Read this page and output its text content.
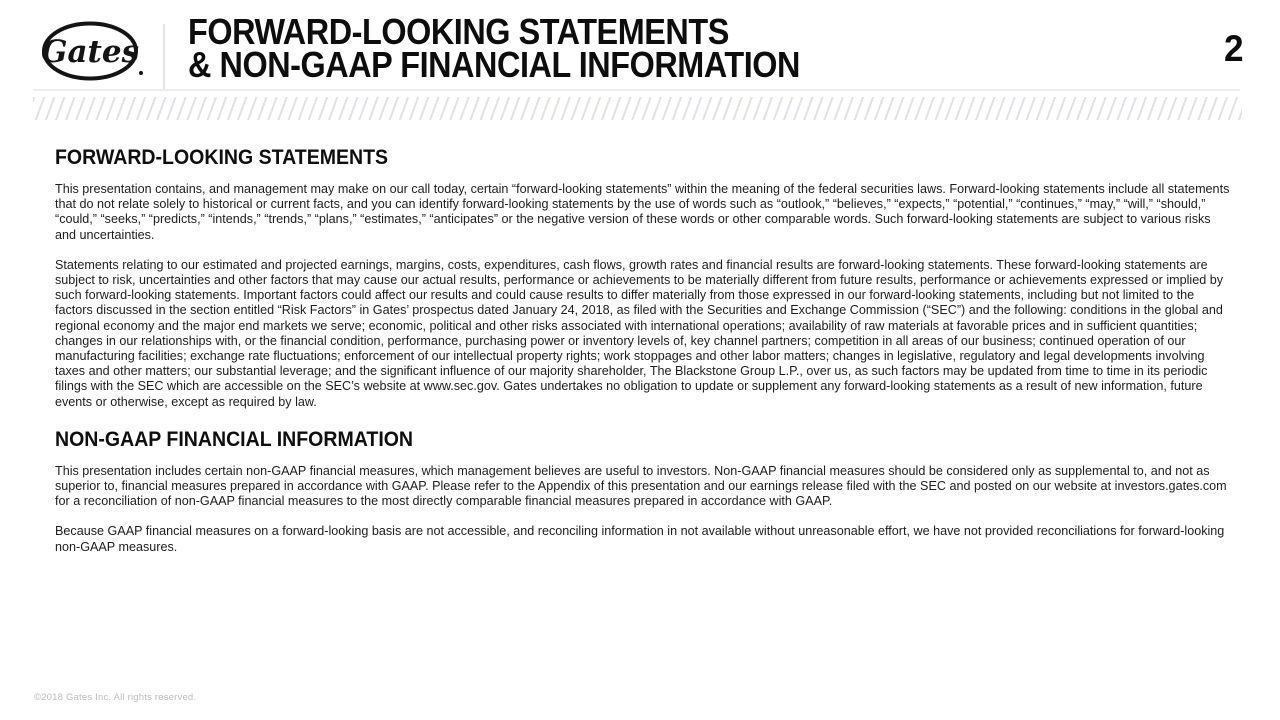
Gates FORWARD-LOOKING STATEMENTS
& NON-GAAP FINANCIAL INFORMATION	2
FORWARD-LOOKING STATEMENTS

This presentation contains, and management may make on our call today, certain “forward-looking statements” within the meaning of the federal securities laws. Forward-looking statements include all statements that do not relate solely to historical or current facts, and you can identify forward-looking statements by the use of words such as “outlook,” “believes,” “expects,” “potential,” “continues,” “may,” “will,” “should,” “could,” “seeks,” “predicts,” “intends,” “trends,” “plans,” “estimates,” “anticipates” or the negative version of these words or other comparable words. Such forward-looking statements are subject to various risks and uncertainties.

Statements relating to our estimated and projected earnings, margins, costs, expenditures, cash flows, growth rates and financial results are forward-looking statements. These forward-looking statements are subject to risk, uncertainties and other factors that may cause our actual results, performance or achievements to be materially different from future results, performance or achievements expressed or implied by such forward-looking statements. Important factors could affect our results and could cause results to differ materially from those expressed in our forward-looking statements, including but not limited to the factors discussed in the section entitled “Risk Factors” in Gates’ prospectus dated January 24, 2018, as filed with the Securities and Exchange Commission (“SEC”) and the following: conditions in the global and regional economy and the major end markets we serve; economic, political and other risks associated with international operations; availability of raw materials at favorable prices and in sufficient quantities; changes in our relationships with, or the financial condition, performance, purchasing power or inventory levels of, key channel partners; competition in all areas of our business; continued operation of our manufacturing facilities; exchange rate fluctuations; enforcement of our intellectual property rights; work stoppages and other labor matters; changes in legislative, regulatory and legal developments involving taxes and other matters; our substantial leverage; and the significant influence of our majority shareholder, The Blackstone Group L.P., over us, as such factors may be updated from time to time in its periodic filings with the SEC which are accessible on the SEC’s website at www.sec.gov. Gates undertakes no obligation to update or supplement any forward-looking statements as a result of new information, future events or otherwise, except as required by law.

NON-GAAP FINANCIAL INFORMATION

This presentation includes certain non-GAAP financial measures, which management believes are useful to investors. Non-GAAP financial measures should be considered only as supplemental to, and not as superior to, financial measures prepared in accordance with GAAP. Please refer to the Appendix of this presentation and our earnings release filed with the SEC and posted on our website at investors.gates.com for a reconciliation of non-GAAP financial measures to the most directly comparable financial measures prepared in accordance with GAAP.

Because GAAP financial measures on a forward-looking basis are not accessible, and reconciling information in not available without unreasonable effort, we have not provided reconciliations for forward-looking non-GAAP measures.

©2018 Gates Inc. All rights reserved.
